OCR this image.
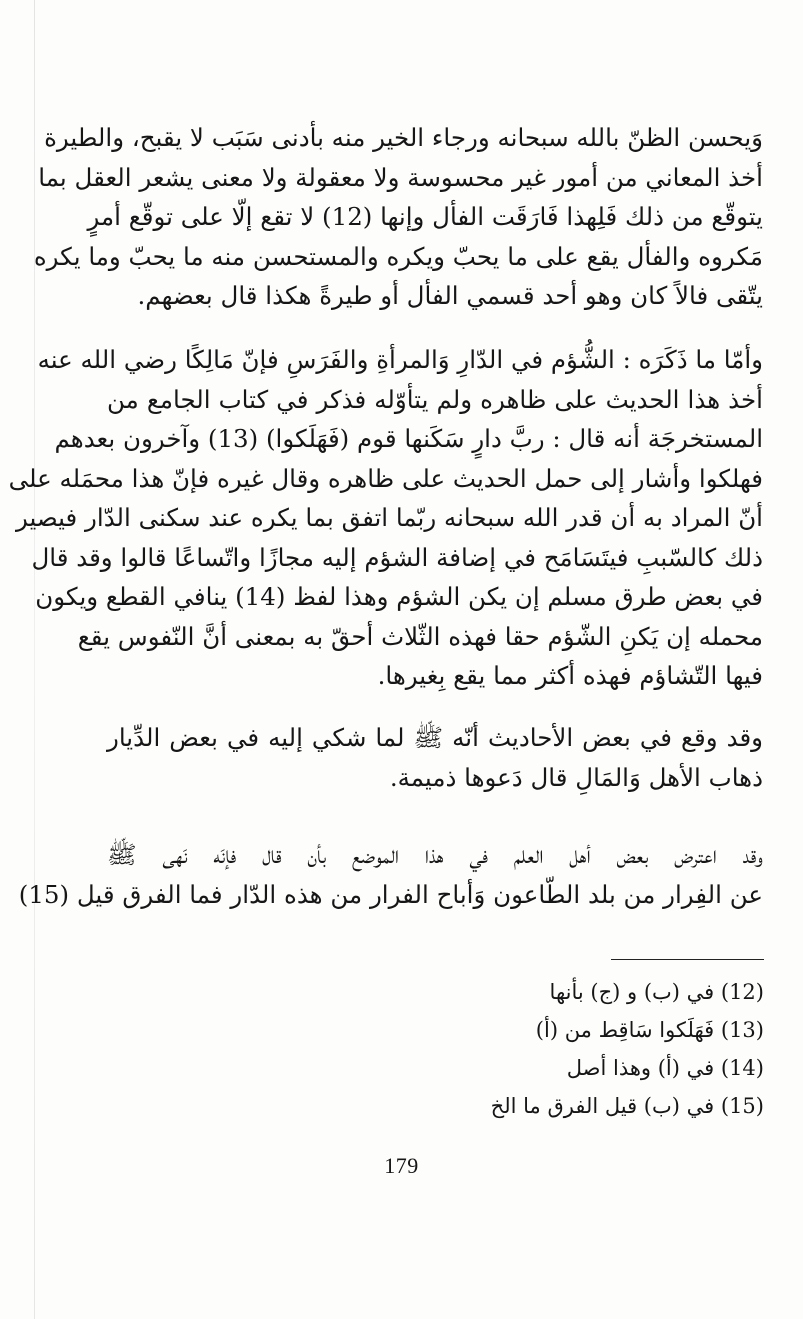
وَيحسن الظنّ بالله سبحانه ورجاء الخير منه بأدنى سَبَب لا يقبح، والطيرة
أخذ المعاني من أمور غير محسوسة ولا معقولة ولا معنى يشعر العقل بما
يتوقّع من ذلك فَلِهذا فَارَقَت الفأل وإنها (12) لا تقع إلّا على توقّع أمرٍ
مَكروه والفأل يقع على ما يحبّ ويكره والمستحسن منه ما يحبّ وما يكره
يتّقى فالاً كان وهو أحد قسمي الفأل أو طيرةً هكذا قال بعضهم.
وأمّا ما ذَكَرَه : الشُّؤم في الدّارِ وَالمرأةِ والفَرَسِ فإنّ مَالِكًا رضي الله عنه
أخذ هذا الحديث على ظاهره ولم يتأوّله فذكر في كتاب الجامع من
المستخرجَة أنه قال : ربَّ دارٍ سَكَنها قوم (فَهَلَكوا) (13) وآخرون بعدهم
فهلكوا وأشار إلى حمل الحديث على ظاهره وقال غيره فإنّ هذا محمَله على
أنّ المراد به أن قدر الله سبحانه ربّما اتفق بما يكره عند سكنى الدّار فيصير
ذلك كالسّببِ فيتَسَامَح في إضافة الشؤم إليه مجازًا واتّساعًا قالوا وقد قال
في بعض طرق مسلم إن يكن الشؤم وهذا لفظ (14) ينافي القطع ويكون
محمله إن يَكنِ الشّؤم حقا فهذه الثّلاث أحقّ به بمعنى أنَّ النّفوس يقع
فيها التّشاؤم فهذه أكثر مما يقع بِغيرها.
وقد وقع في بعض الأحاديث أنّه ﷺ لما شكي إليه في بعض الدِّيار
ذهاب الأهل وَالمَالِ قال دَعوها ذميمة.
وقد اعترض بعض أهل العلم في هذا الموضع بأن قال فإنَه نَهى ﷺ
عن الفِرار من بلد الطّاعون وَأباح الفرار من هذه الدّار فما الفرق قيل (15)
(12) في (ب) و (ج) بأنها
(13) فَهَلَكوا سَاقِط من (أ)
(14) في (أ) وهذا أصل
(15) في (ب) قيل الفرق ما الخ
179
